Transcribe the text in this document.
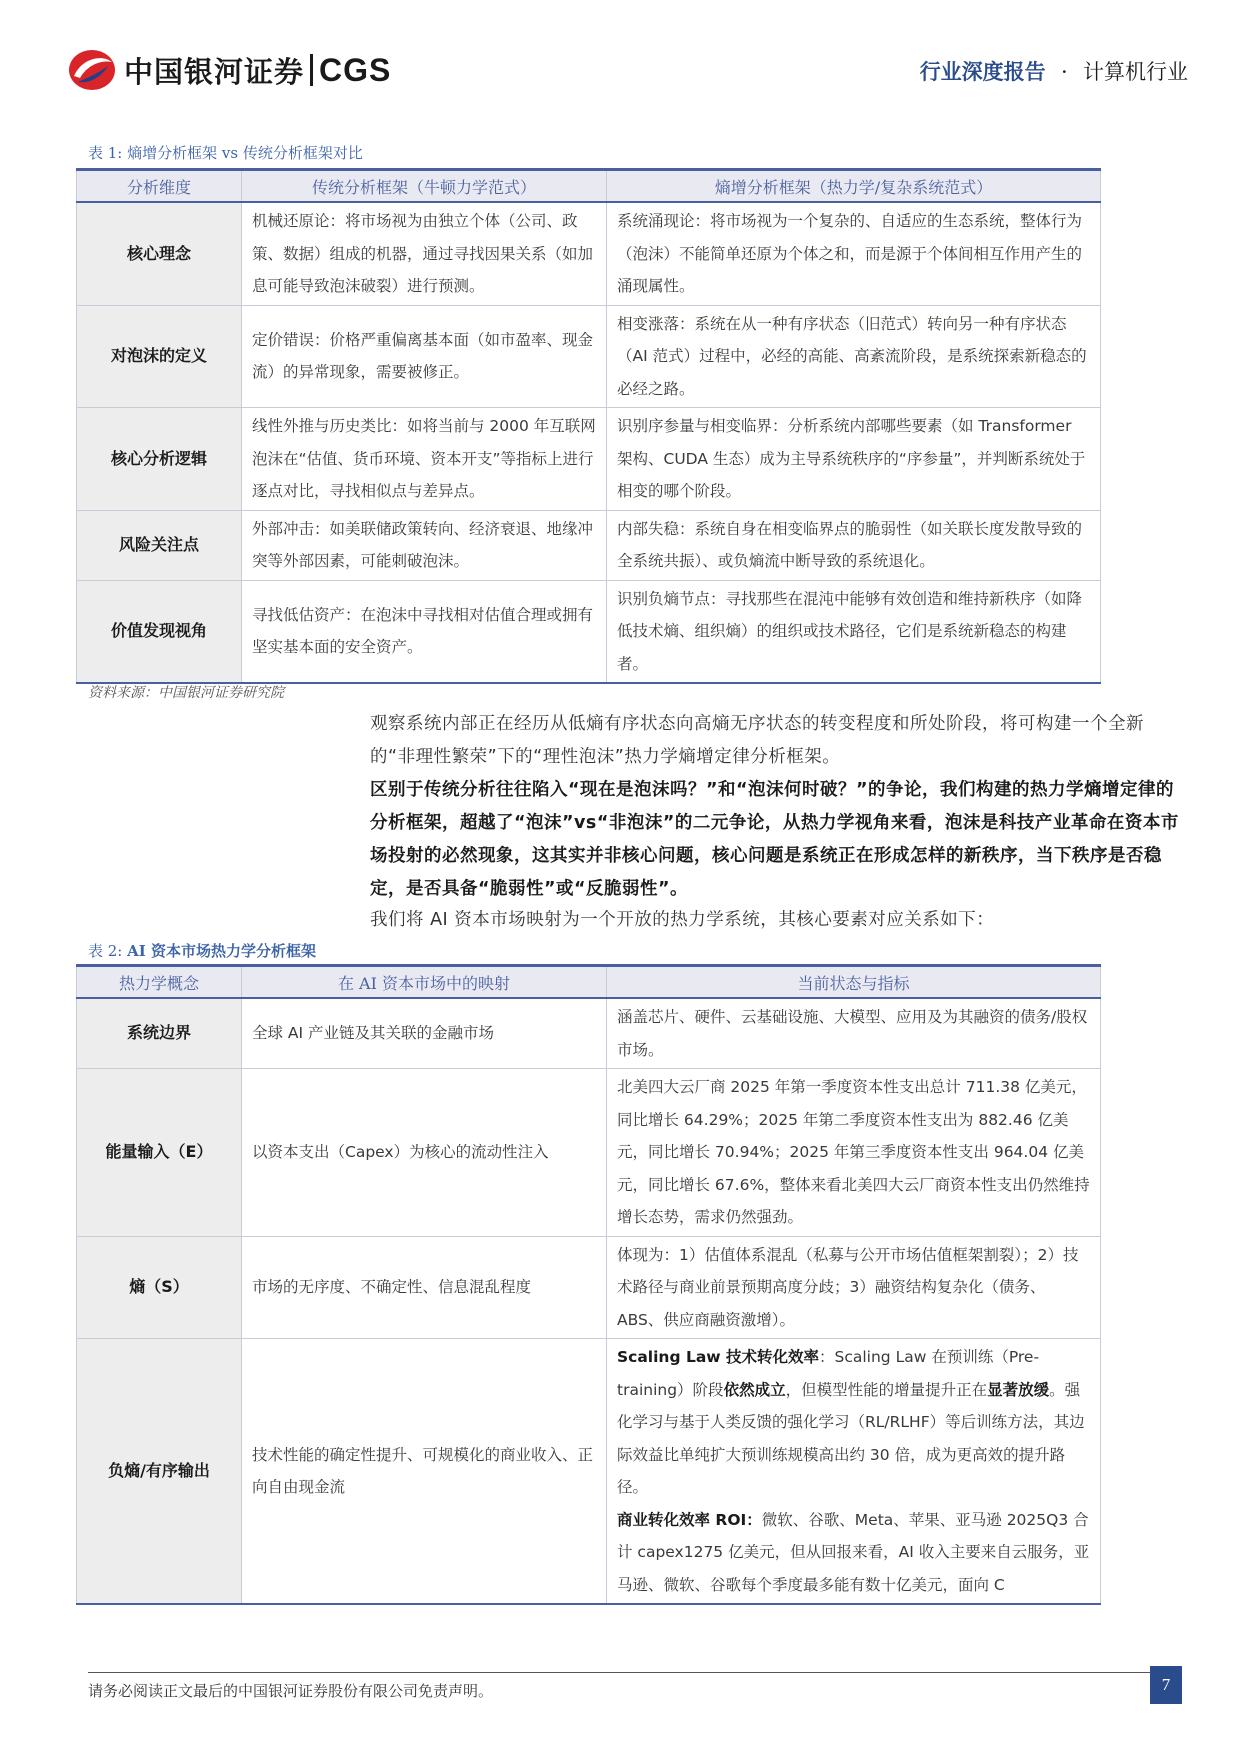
中国银河证券 CGS	行业深度报告 · 计算机行业
表 1: 熵增分析框架 vs 传统分析框架对比
分析维度	传统分析框架（牛顿力学范式）	熵增分析框架（热力学/复杂系统范式）
核心理念	机械还原论：将市场视为由独立个体（公司、政策、数据）组成的机器，通过寻找因果关系（如加息可能导致泡沫破裂）进行预测。	系统涌现论：将市场视为一个复杂的、自适应的生态系统，整体行为（泡沫）不能简单还原为个体之和，而是源于个体间相互作用产生的涌现属性。
对泡沫的定义	定价错误：价格严重偏离基本面（如市盈率、现金流）的异常现象，需要被修正。	相变涨落：系统在从一种有序状态（旧范式）转向另一种有序状态（AI 范式）过程中，必经的高能、高紊流阶段，是系统探索新稳态的必经之路。
核心分析逻辑	线性外推与历史类比：如将当前与 2000 年互联网泡沫在“估值、货币环境、资本开支”等指标上进行逐点对比，寻找相似点与差异点。	识别序参量与相变临界：分析系统内部哪些要素（如 Transformer 架构、CUDA 生态）成为主导系统秩序的“序参量”，并判断系统处于相变的哪个阶段。
风险关注点	外部冲击：如美联储政策转向、经济衰退、地缘冲突等外部因素，可能刺破泡沫。	内部失稳：系统自身在相变临界点的脆弱性（如关联长度发散导致的全系统共振）、或负熵流中断导致的系统退化。
价值发现视角	寻找低估资产：在泡沫中寻找相对估值合理或拥有坚实基本面的安全资产。	识别负熵节点：寻找那些在混沌中能够有效创造和维持新秩序（如降低技术熵、组织熵）的组织或技术路径，它们是系统新稳态的构建者。
资料来源：中国银河证券研究院
观察系统内部正在经历从低熵有序状态向高熵无序状态的转变程度和所处阶段，将可构建一个全新的“非理性繁荣”下的“理性泡沫”热力学熵增定律分析框架。
区别于传统分析往往陷入“现在是泡沫吗？”和“泡沫何时破？”的争论，我们构建的热力学熵增定律的分析框架，超越了“泡沫”vs“非泡沫”的二元争论，从热力学视角来看，泡沫是科技产业革命在资本市场投射的必然现象，这其实并非核心问题，核心问题是系统正在形成怎样的新秩序，当下秩序是否稳定，是否具备“脆弱性”或“反脆弱性”。
我们将 AI 资本市场映射为一个开放的热力学系统，其核心要素对应关系如下：
表 2: AI 资本市场热力学分析框架
热力学概念	在 AI 资本市场中的映射	当前状态与指标
系统边界	全球 AI 产业链及其关联的金融市场	涵盖芯片、硬件、云基础设施、大模型、应用及为其融资的债务/股权市场。
能量输入（E）	以资本支出（Capex）为核心的流动性注入	北美四大云厂商 2025 年第一季度资本性支出总计 711.38 亿美元，同比增长 64.29%；2025 年第二季度资本性支出为 882.46 亿美元，同比增长 70.94%；2025 年第三季度资本性支出 964.04 亿美元，同比增长 67.6%，整体来看北美四大云厂商资本性支出仍然维持增长态势，需求仍然强劲。
熵（S）	市场的无序度、不确定性、信息混乱程度	体现为：1）估值体系混乱（私募与公开市场估值框架割裂）；2）技术路径与商业前景预期高度分歧；3）融资结构复杂化（债务、ABS、供应商融资激增）。
负熵/有序输出	技术性能的确定性提升、可规模化的商业收入、正向自由现金流	Scaling Law 技术转化效率：Scaling Law 在预训练（Pre-training）阶段依然成立，但模型性能的增量提升正在显著放缓。强化学习与基于人类反馈的强化学习（RL/RLHF）等后训练方法，其边际效益比单纯扩大预训练规模高出约 30 倍，成为更高效的提升路径。
商业转化效率 ROI：微软、谷歌、Meta、苹果、亚马逊 2025Q3 合计 capex1275 亿美元，但从回报来看，AI 收入主要来自云服务，亚马逊、微软、谷歌每个季度最多能有数十亿美元，面向 C
请务必阅读正文最后的中国银河证券股份有限公司免责声明。	7
